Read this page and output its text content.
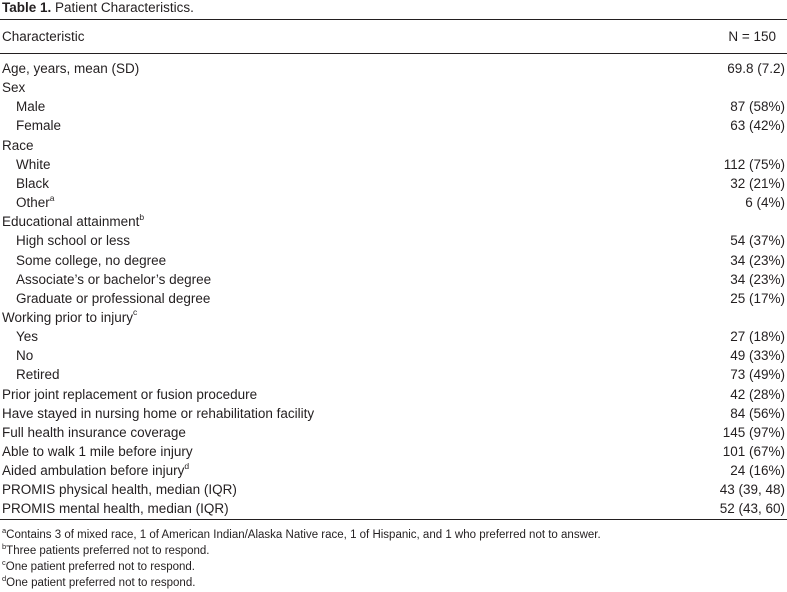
Table 1. Patient Characteristics.
Characteristic	N = 150
Age, years, mean (SD)	69.8 (7.2)
Sex
Male	87 (58%)
Female	63 (42%)
Race
White	112 (75%)
Black	32 (21%)
Other$^a$	6 (4%)
Educational attainment$^b$
High school or less	54 (37%)
Some college, no degree	34 (23%)
Associate’s or bachelor’s degree	34 (23%)
Graduate or professional degree	25 (17%)
Working prior to injury$^c$
Yes	27 (18%)
No	49 (33%)
Retired	73 (49%)
Prior joint replacement or fusion procedure	42 (28%)
Have stayed in nursing home or rehabilitation facility	84 (56%)
Full health insurance coverage	145 (97%)
Able to walk 1 mile before injury	101 (67%)
Aided ambulation before injury$^d$	24 (16%)
PROMIS physical health, median (IQR)	43 (39, 48)
PROMIS mental health, median (IQR)	52 (43, 60)
$^a$Contains 3 of mixed race, 1 of American Indian/Alaska Native race, 1 of Hispanic, and 1 who preferred not to answer.
$^b$Three patients preferred not to respond.
$^c$One patient preferred not to respond.
$^d$One patient preferred not to respond.
